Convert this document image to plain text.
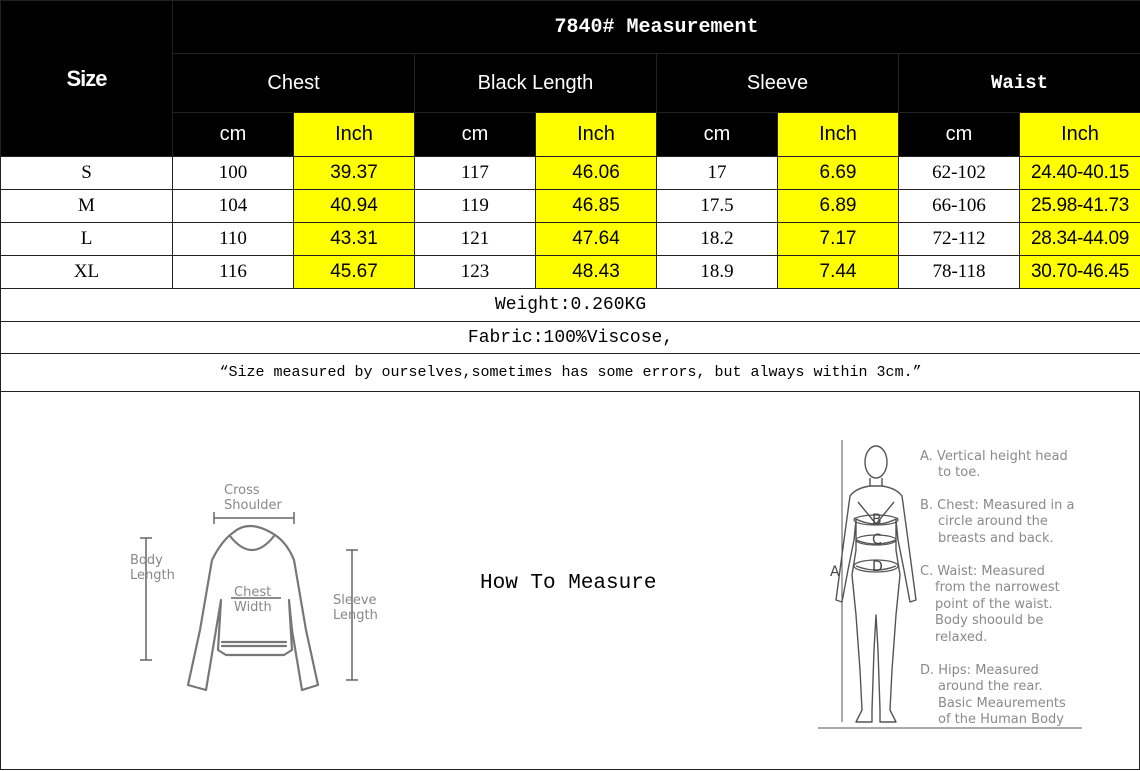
Size	7840# Measurement							
	Chest		Black Length		Sleeve		Waist	
	cm	Inch	cm	Inch	cm	Inch	cm	Inch
S	100	39.37	117	46.06	17	6.69	62-102	24.40-40.15
M	104	40.94	119	46.85	17.5	6.89	66-106	25.98-41.73
L	110	43.31	121	47.64	18.2	7.17	72-112	28.34-44.09
XL	116	45.67	123	48.43	18.9	7.44	78-118	30.70-46.45
Weight:0.260KG								
Fabric:100%Viscose,								
“Size measured by ourselves,sometimes has some errors, but always within 3cm.”								
Cross
Shoulder
Body
Length
Chest
Width	Sleeve
Length
How To Measure
B
C
D
A
A. Vertical height head
to toe.
B. Chest: Measured in a
circle around the
breasts and back.
C. Waist: Measured
from the narrowest
point of the waist.
Body shoould be
relaxed.
D. Hips: Measured
around the rear.
Basic Meaurements
of the Human Body
